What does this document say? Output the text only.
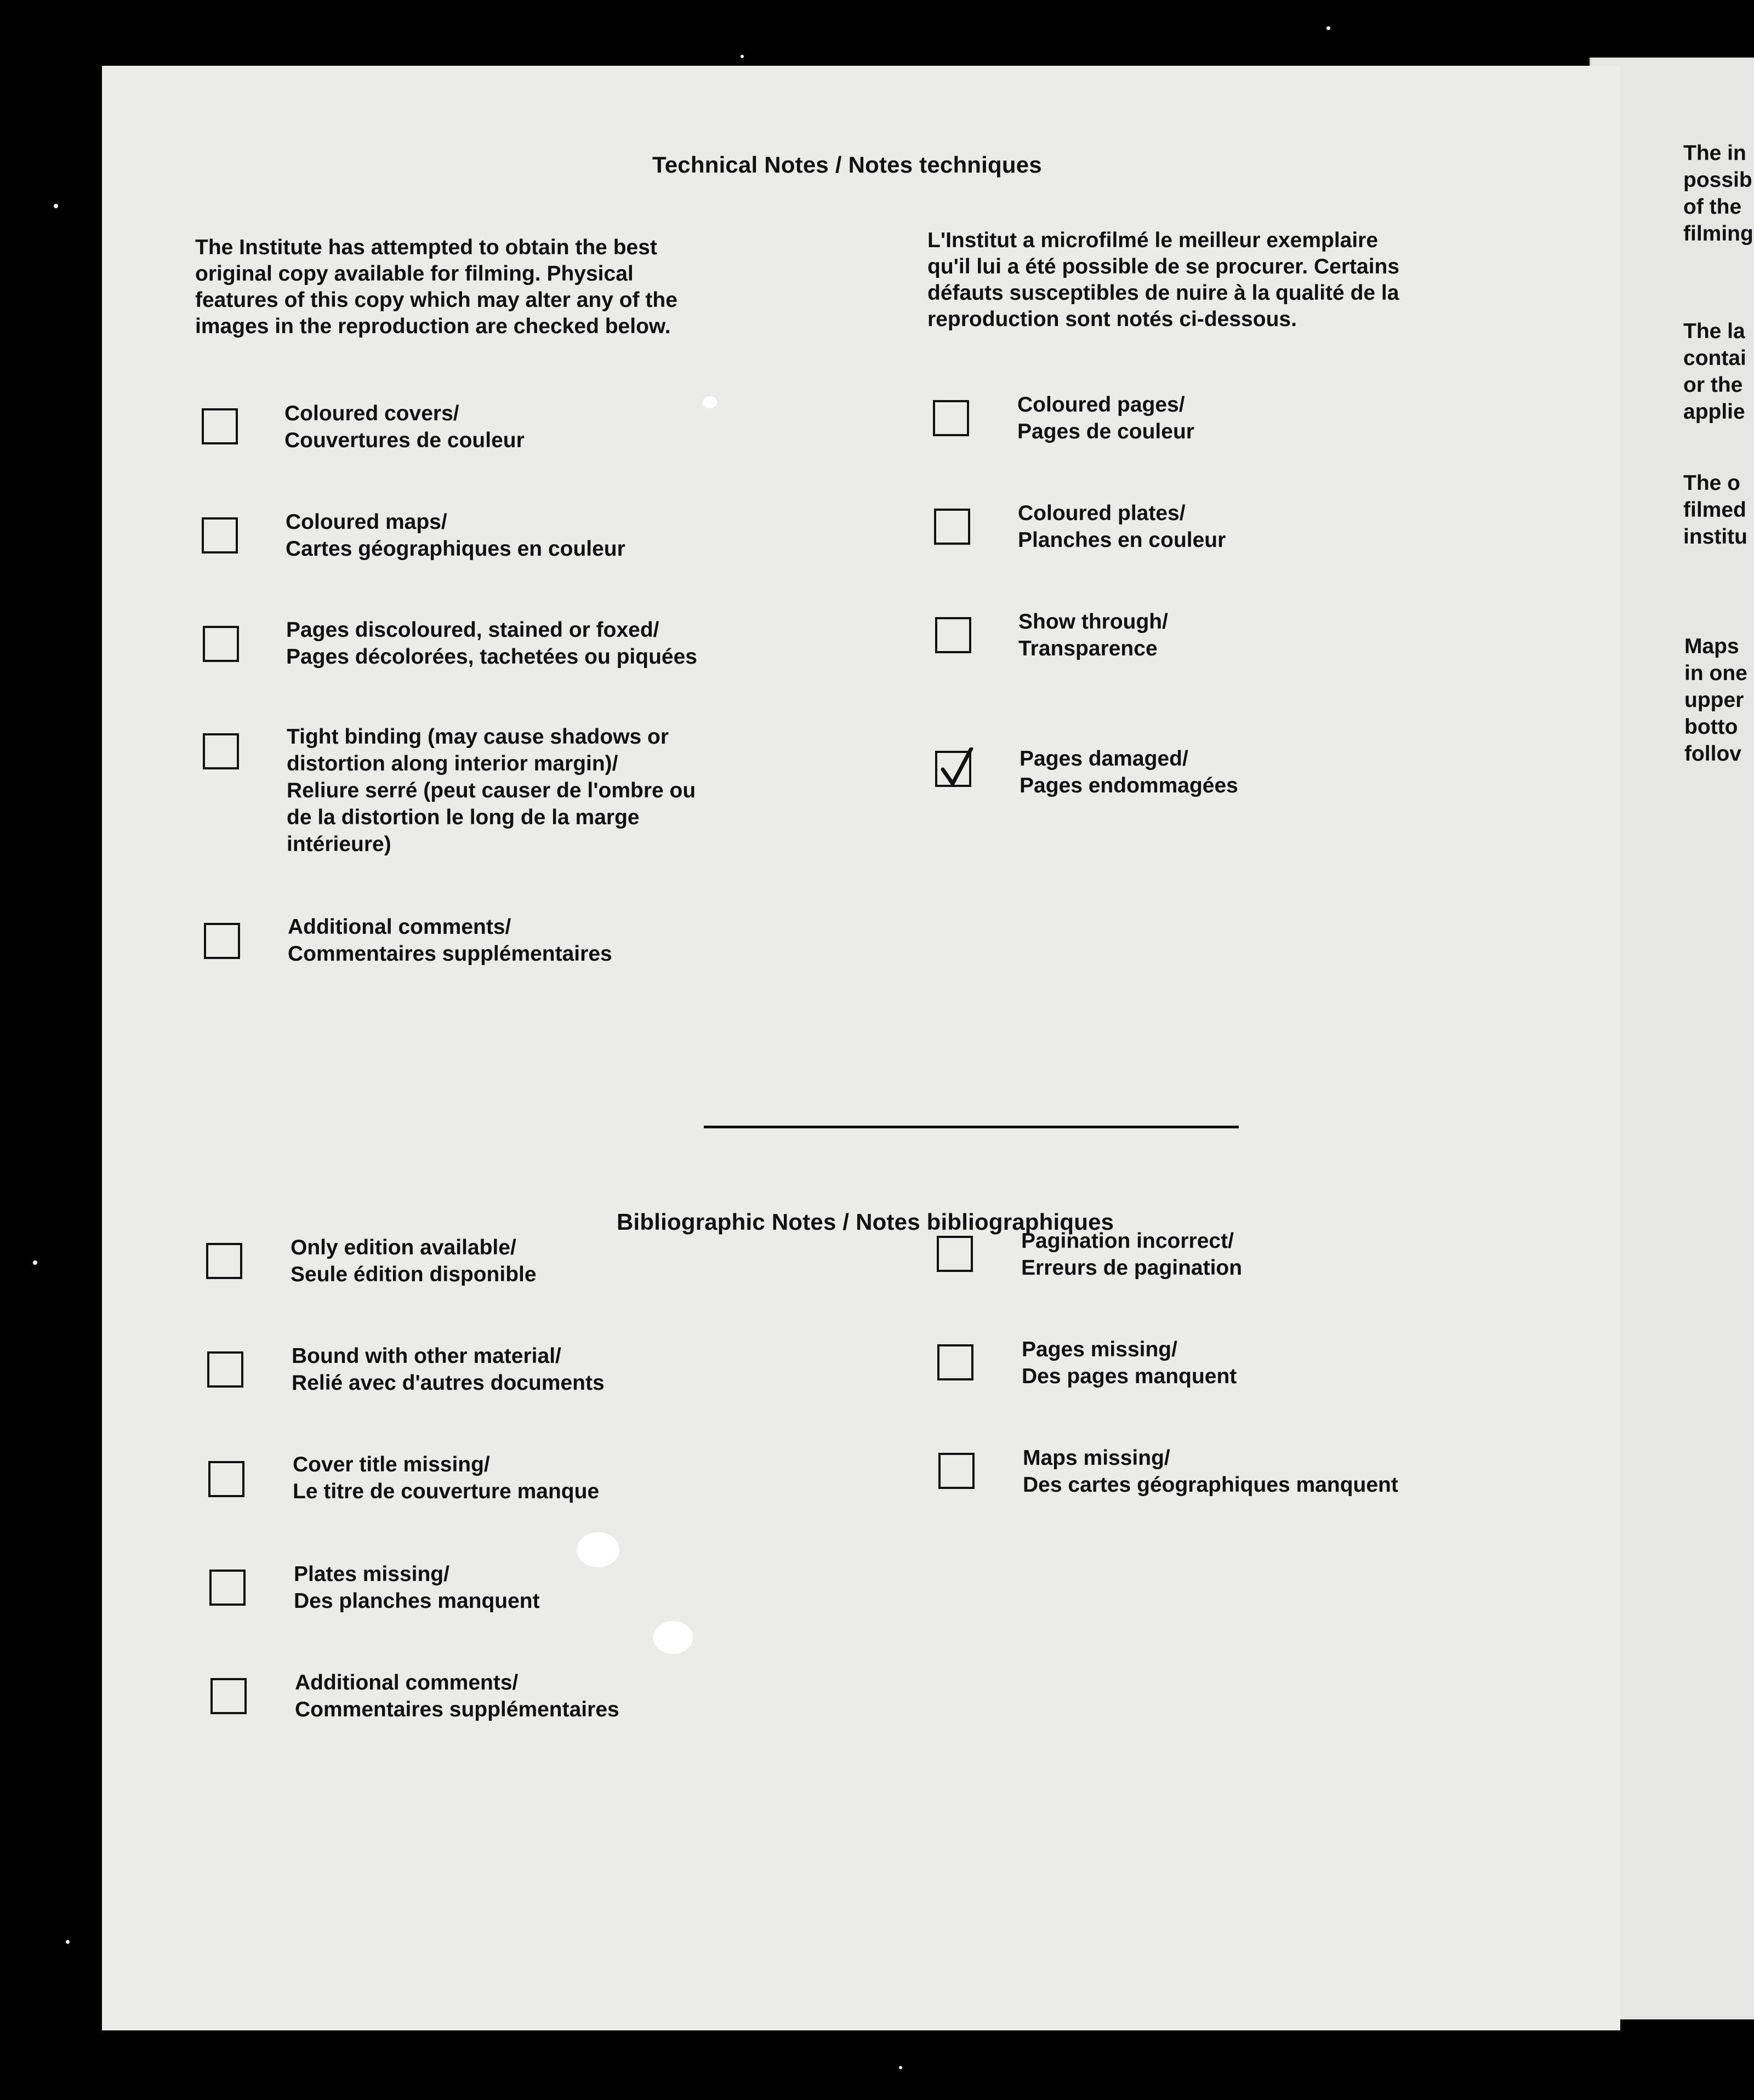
The in
possib
of the
filming
The la
contai
or the
applie
The o
filmed
institu
Maps
in one
upper
botto
follov
Technical Notes / Notes techniques
The Institute has attempted to obtain the best
original copy available for filming. Physical
features of this copy which may alter any of the
images in the reproduction are checked below.
L'Institut a microfilmé le meilleur exemplaire
qu'il lui a été possible de se procurer. Certains
défauts susceptibles de nuire à la qualité de la
reproduction sont notés ci-dessous.
Coloured covers/
Couvertures de couleur
Coloured maps/
Cartes géographiques en couleur
Pages discoloured, stained or foxed/
Pages décolorées, tachetées ou piquées
Tight binding (may cause shadows or
distortion along interior margin)/
Reliure serré (peut causer de l'ombre ou
de la distortion le long de la marge
intérieure)
Additional comments/
Commentaires supplémentaires
Coloured pages/
Pages de couleur
Coloured plates/
Planches en couleur
Show through/
Transparence
Pages damaged/
Pages endommagées
Bibliographic Notes / Notes bibliographiques
Only edition available/
Seule édition disponible
Bound with other material/
Relié avec d'autres documents
Cover title missing/
Le titre de couverture manque
Plates missing/
Des planches manquent
Additional comments/
Commentaires supplémentaires
Pagination incorrect/
Erreurs de pagination
Pages missing/
Des pages manquent
Maps missing/
Des cartes géographiques manquent
